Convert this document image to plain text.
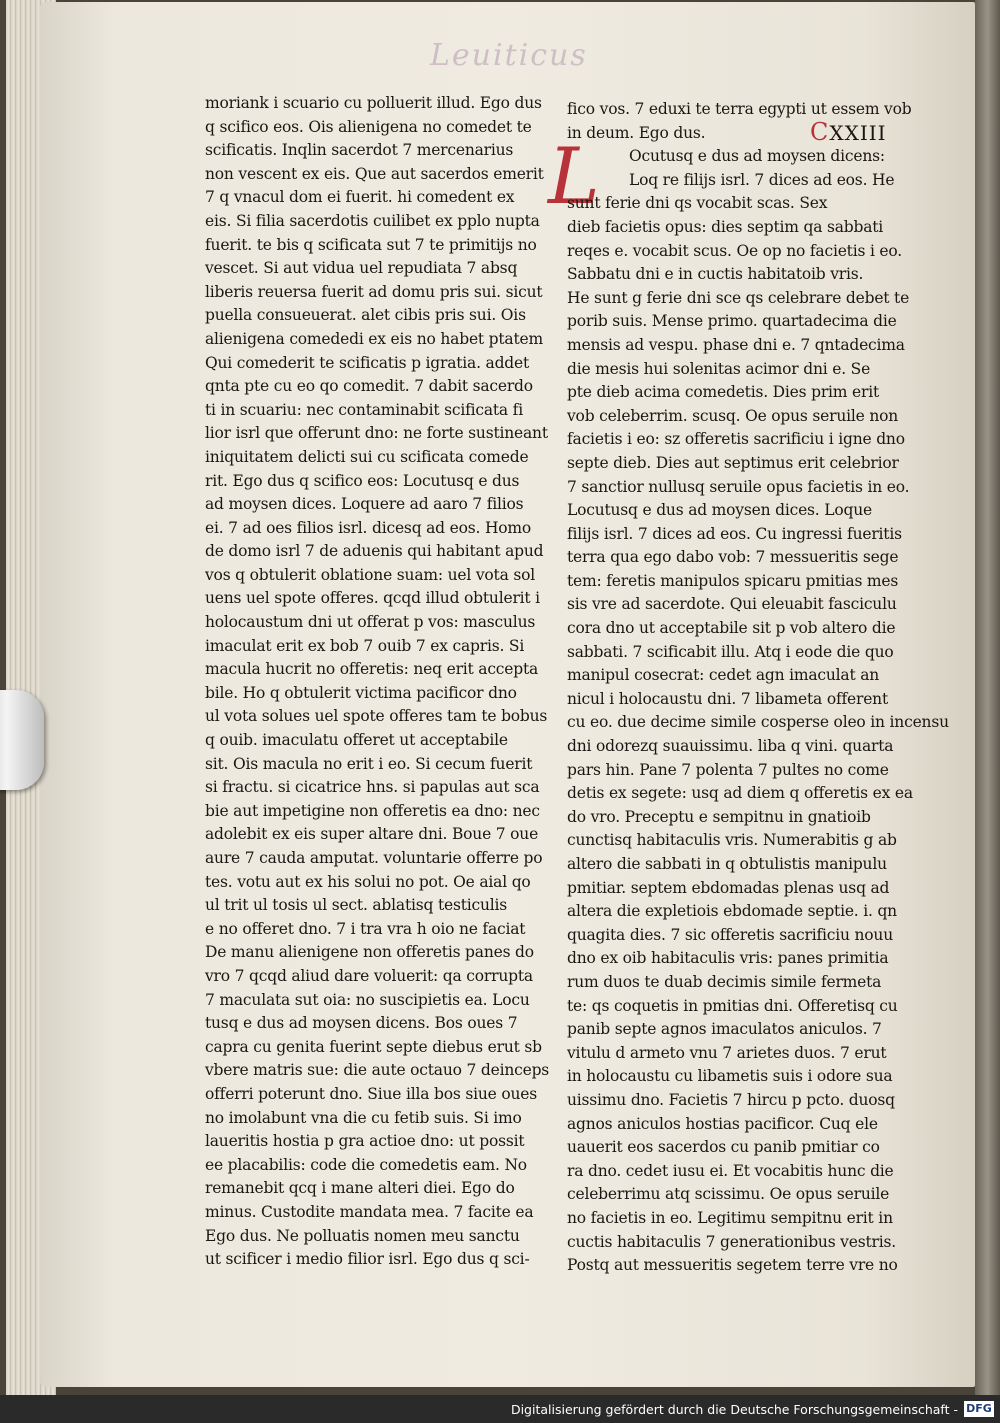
Leuiticus
CXXIII
moriank i scuario cu polluerit illud. Ego dus
q scifico eos. Ois alienigena no comedet te
scificatis. Inqlin sacerdot 7 mercenarius
non vescent ex eis. Que aut sacerdos emerit
7 q vnacul dom ei fuerit. hi comedent ex
eis. Si filia sacerdotis cuilibet ex pplo nupta
fuerit. te bis q scificata sut 7 te primitijs no
vescet. Si aut vidua uel repudiata 7 absq
liberis reuersa fuerit ad domu pris sui. sicut
puella consueuerat. alet cibis pris sui. Ois
alienigena comededi ex eis no habet ptatem
Qui comederit te scificatis p igratia. addet
qnta pte cu eo qo comedit. 7 dabit sacerdo
ti in scuariu: nec contaminabit scificata fi
lior isrl que offerunt dno: ne forte sustineant
iniquitatem delicti sui cu scificata comede
rit. Ego dus q scifico eos: Locutusq e dus
ad moysen dices. Loquere ad aaro 7 filios
ei. 7 ad oes filios isrl. dicesq ad eos. Homo
de domo isrl 7 de aduenis qui habitant apud
vos q obtulerit oblatione suam: uel vota sol
uens uel spote offeres. qcqd illud obtulerit i
holocaustum dni ut offerat p vos: masculus
imaculat erit ex bob 7 ouib 7 ex capris. Si
macula hucrit no offeretis: neq erit accepta
bile. Ho q obtulerit victima pacificor dno
ul vota solues uel spote offeres tam te bobus
q ouib. imaculatu offeret ut acceptabile
sit. Ois macula no erit i eo. Si cecum fuerit
si fractu. si cicatrice hns. si papulas aut sca
bie aut impetigine non offeretis ea dno: nec
adolebit ex eis super altare dni. Boue 7 oue
aure 7 cauda amputat. voluntarie offerre po
tes. votu aut ex his solui no pot. Oe aial qo
ul trit ul tosis ul sect. ablatisq testiculis
e no offeret dno. 7 i tra vra h oio ne faciat
De manu alienigene non offeretis panes do
vro 7 qcqd aliud dare voluerit: qa corrupta
7 maculata sut oia: no suscipietis ea. Locu
tusq e dus ad moysen dicens. Bos oues 7
capra cu genita fuerint septe diebus erut sb
vbere matris sue: die aute octauo 7 deinceps
offerri poterunt dno. Siue illa bos siue oues
no imolabunt vna die cu fetib suis. Si imo
laueritis hostia p gra actioe dno: ut possit
ee placabilis: code die comedetis eam. No
remanebit qcq i mane alteri diei. Ego do
minus. Custodite mandata mea. 7 facite ea
Ego dus. Ne polluatis nomen meu sanctu
ut scificer i medio filior isrl. Ego dus q sci-
L
fico vos. 7 eduxi te terra egypti ut essem vob
in deum. Ego dus.
Ocutusq e dus ad moysen dicens:
Loq re filijs isrl. 7 dices ad eos. He
sunt ferie dni qs vocabit scas. Sex
dieb facietis opus: dies septim qa sabbati
reqes e. vocabit scus. Oe op no facietis i eo.
Sabbatu dni e in cuctis habitatoib vris.
He sunt g ferie dni sce qs celebrare debet te
porib suis. Mense primo. quartadecima die
mensis ad vespu. phase dni e. 7 qntadecima
die mesis hui solenitas acimor dni e. Se
pte dieb acima comedetis. Dies prim erit
vob celeberrim. scusq. Oe opus seruile non
facietis i eo: sz offeretis sacrificiu i igne dno
septe dieb. Dies aut septimus erit celebrior
7 sanctior nullusq seruile opus facietis in eo.
Locutusq e dus ad moysen dices. Loque
filijs isrl. 7 dices ad eos. Cu ingressi fueritis
terra qua ego dabo vob: 7 messueritis sege
tem: feretis manipulos spicaru pmitias mes
sis vre ad sacerdote. Qui eleuabit fasciculu
cora dno ut acceptabile sit p vob altero die
sabbati. 7 scificabit illu. Atq i eode die quo
manipul cosecrat: cedet agn imaculat an
nicul i holocaustu dni. 7 libameta offerent
cu eo. due decime simile cosperse oleo in incensu
dni odorezq suauissimu. liba q vini. quarta
pars hin. Pane 7 polenta 7 pultes no come
detis ex segete: usq ad diem q offeretis ex ea
do vro. Preceptu e sempitnu in gnatioib
cunctisq habitaculis vris. Numerabitis g ab
altero die sabbati in q obtulistis manipulu
pmitiar. septem ebdomadas plenas usq ad
altera die expletiois ebdomade septie. i. qn
quagita dies. 7 sic offeretis sacrificiu nouu
dno ex oib habitaculis vris: panes primitia
rum duos te duab decimis simile fermeta
te: qs coquetis in pmitias dni. Offeretisq cu
panib septe agnos imaculatos aniculos. 7
vitulu d armeto vnu 7 arietes duos. 7 erut
in holocaustu cu libametis suis i odore sua
uissimu dno. Facietis 7 hircu p pcto. duosq
agnos aniculos hostias pacificor. Cuq ele
uauerit eos sacerdos cu panib pmitiar co
ra dno. cedet iusu ei. Et vocabitis hunc die
celeberrimu atq scissimu. Oe opus seruile
no facietis in eo. Legitimu sempitnu erit in
cuctis habitaculis 7 generationibus vestris.
Postq aut messueritis segetem terre vre no
Digitalisierung gefördert durch die Deutsche Forschungsgemeinschaft - DFG
